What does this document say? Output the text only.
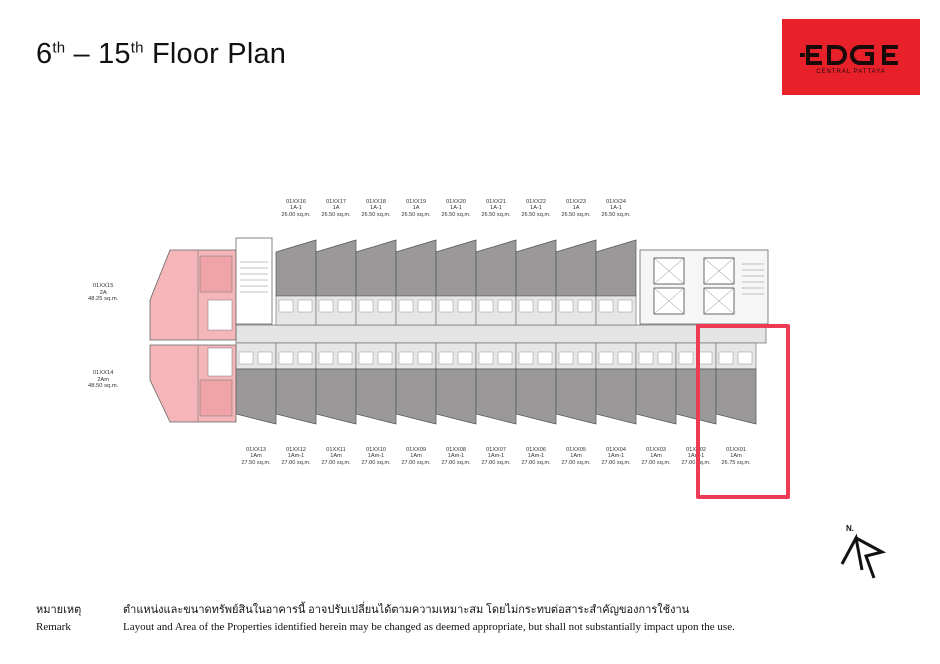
6th – 15th Floor Plan
CENTRAL PATTAYA
01XX16
1A-1
26.00 sq.m.
01XX17
1A
26.50 sq.m.
01XX18
1A-1
26.50 sq.m.
01XX19
1A
26.50 sq.m.
01XX20
1A-1
26.50 sq.m.
01XX21
1A-1
26.50 sq.m.
01XX22
1A-1
26.50 sq.m.
01XX23
1A
26.50 sq.m.
01XX24
1A-1
26.50 sq.m.
01XX13
1Am
27.50 sq.m.
01XX12
1Am-1
27.00 sq.m.
01XX11
1Am
27.00 sq.m.
01XX10
1Am-1
27.00 sq.m.
01XX09
1Am
27.00 sq.m.
01XX08
1Am-1
27.00 sq.m.
01XX07
1Am-1
27.00 sq.m.
01XX06
1Am-1
27.00 sq.m.
01XX05
1Am
27.00 sq.m.
01XX04
1Am-1
27.00 sq.m.
01XX03
1Am
27.00 sq.m.
01XX02
1Am-1
27.00 sq.m.
01XX01
1Am
26.75 sq.m.
01XX15
2A
48.25 sq.m.
01XX14
2Am
48.50 sq.m.
N.
หมายเหตุ	ตำแหน่งและขนาดทรัพย์สินในอาคารนี้ อาจปรับเปลี่ยนได้ตามความเหมาะสม โดยไม่กระทบต่อสาระสำคัญของการใช้งาน
Remark	Layout and Area of the Properties identified herein may be changed as deemed appropriate, but shall not substantially impact upon the use.
